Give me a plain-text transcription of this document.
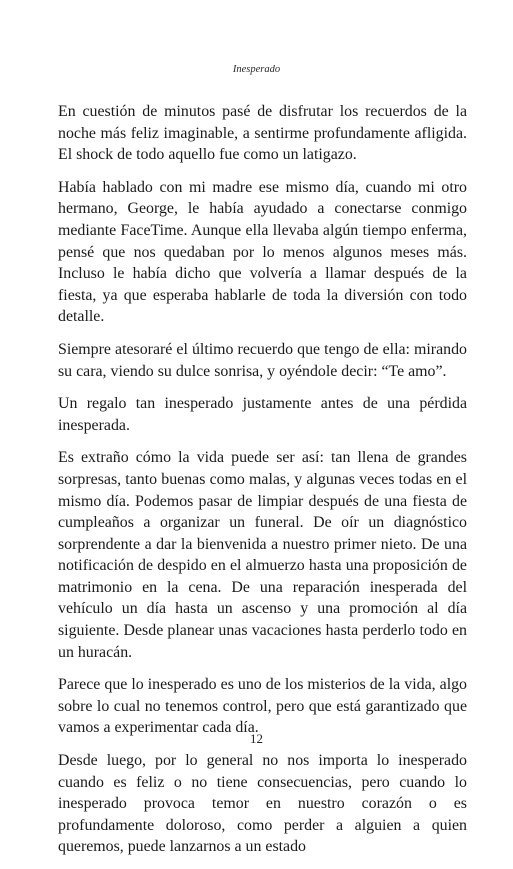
Inesperado

En cuestión de minutos pasé de disfrutar los recuerdos de la noche más feliz imaginable, a sentirme profundamente afligida. El shock de todo aquello fue como un latigazo.

Había hablado con mi madre ese mismo día, cuando mi otro hermano, George, le había ayudado a conectarse conmigo mediante FaceTime. Aunque ella llevaba algún tiempo enferma, pensé que nos quedaban por lo menos algunos meses más. Incluso le había dicho que volvería a llamar después de la fiesta, ya que esperaba hablarle de toda la diversión con todo detalle.

Siempre atesoraré el último recuerdo que tengo de ella: mirando su cara, viendo su dulce sonrisa, y oyéndole decir: “Te amo”.

Un regalo tan inesperado justamente antes de una pérdida inesperada.

Es extraño cómo la vida puede ser así: tan llena de grandes sorpresas, tanto buenas como malas, y algunas veces todas en el mismo día. Podemos pasar de limpiar después de una fiesta de cumpleaños a organizar un funeral. De oír un diagnóstico sorprendente a dar la bienvenida a nuestro primer nieto. De una notificación de despido en el almuerzo hasta una proposición de matrimonio en la cena. De una reparación inesperada del vehículo un día hasta un ascenso y una promoción al día siguiente. Desde planear unas vacaciones hasta perderlo todo en un huracán.

Parece que lo inesperado es uno de los misterios de la vida, algo sobre lo cual no tenemos control, pero que está garantizado que vamos a experimentar cada día.

Desde luego, por lo general no nos importa lo inesperado cuando es feliz o no tiene consecuencias, pero cuando lo inesperado provoca temor en nuestro corazón o es profundamente doloroso, como perder a alguien a quien queremos, puede lanzarnos a un estado

12
